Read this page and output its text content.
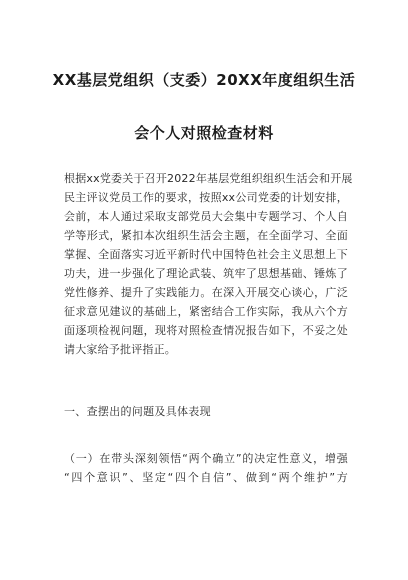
XX基层党组织（支委）20XX年度组织生活
会个人对照检查材料
根据xx党委关于召开2022年基层党组织组织生活会和开展
民主评议党员工作的要求，按照xx公司党委的计划安排，
会前，本人通过采取支部党员大会集中专题学习、个人自
学等形式，紧扣本次组织生活会主题，在全面学习、全面
掌握、全面落实习近平新时代中国特色社会主义思想上下
功夫，进一步强化了理论武装、筑牢了思想基础、锤炼了
党性修养、提升了实践能力。在深入开展交心谈心，广泛
征求意见建议的基础上，紧密结合工作实际，我从六个方
面逐项检视问题，现将对照检查情况报告如下，不妥之处
请大家给予批评指正。
一、查摆出的问题及具体表现
（一）在带头深刻领悟“两个确立”的决定性意义，增强
“四个意识”、坚定“四个自信”、做到“两个维护”方
